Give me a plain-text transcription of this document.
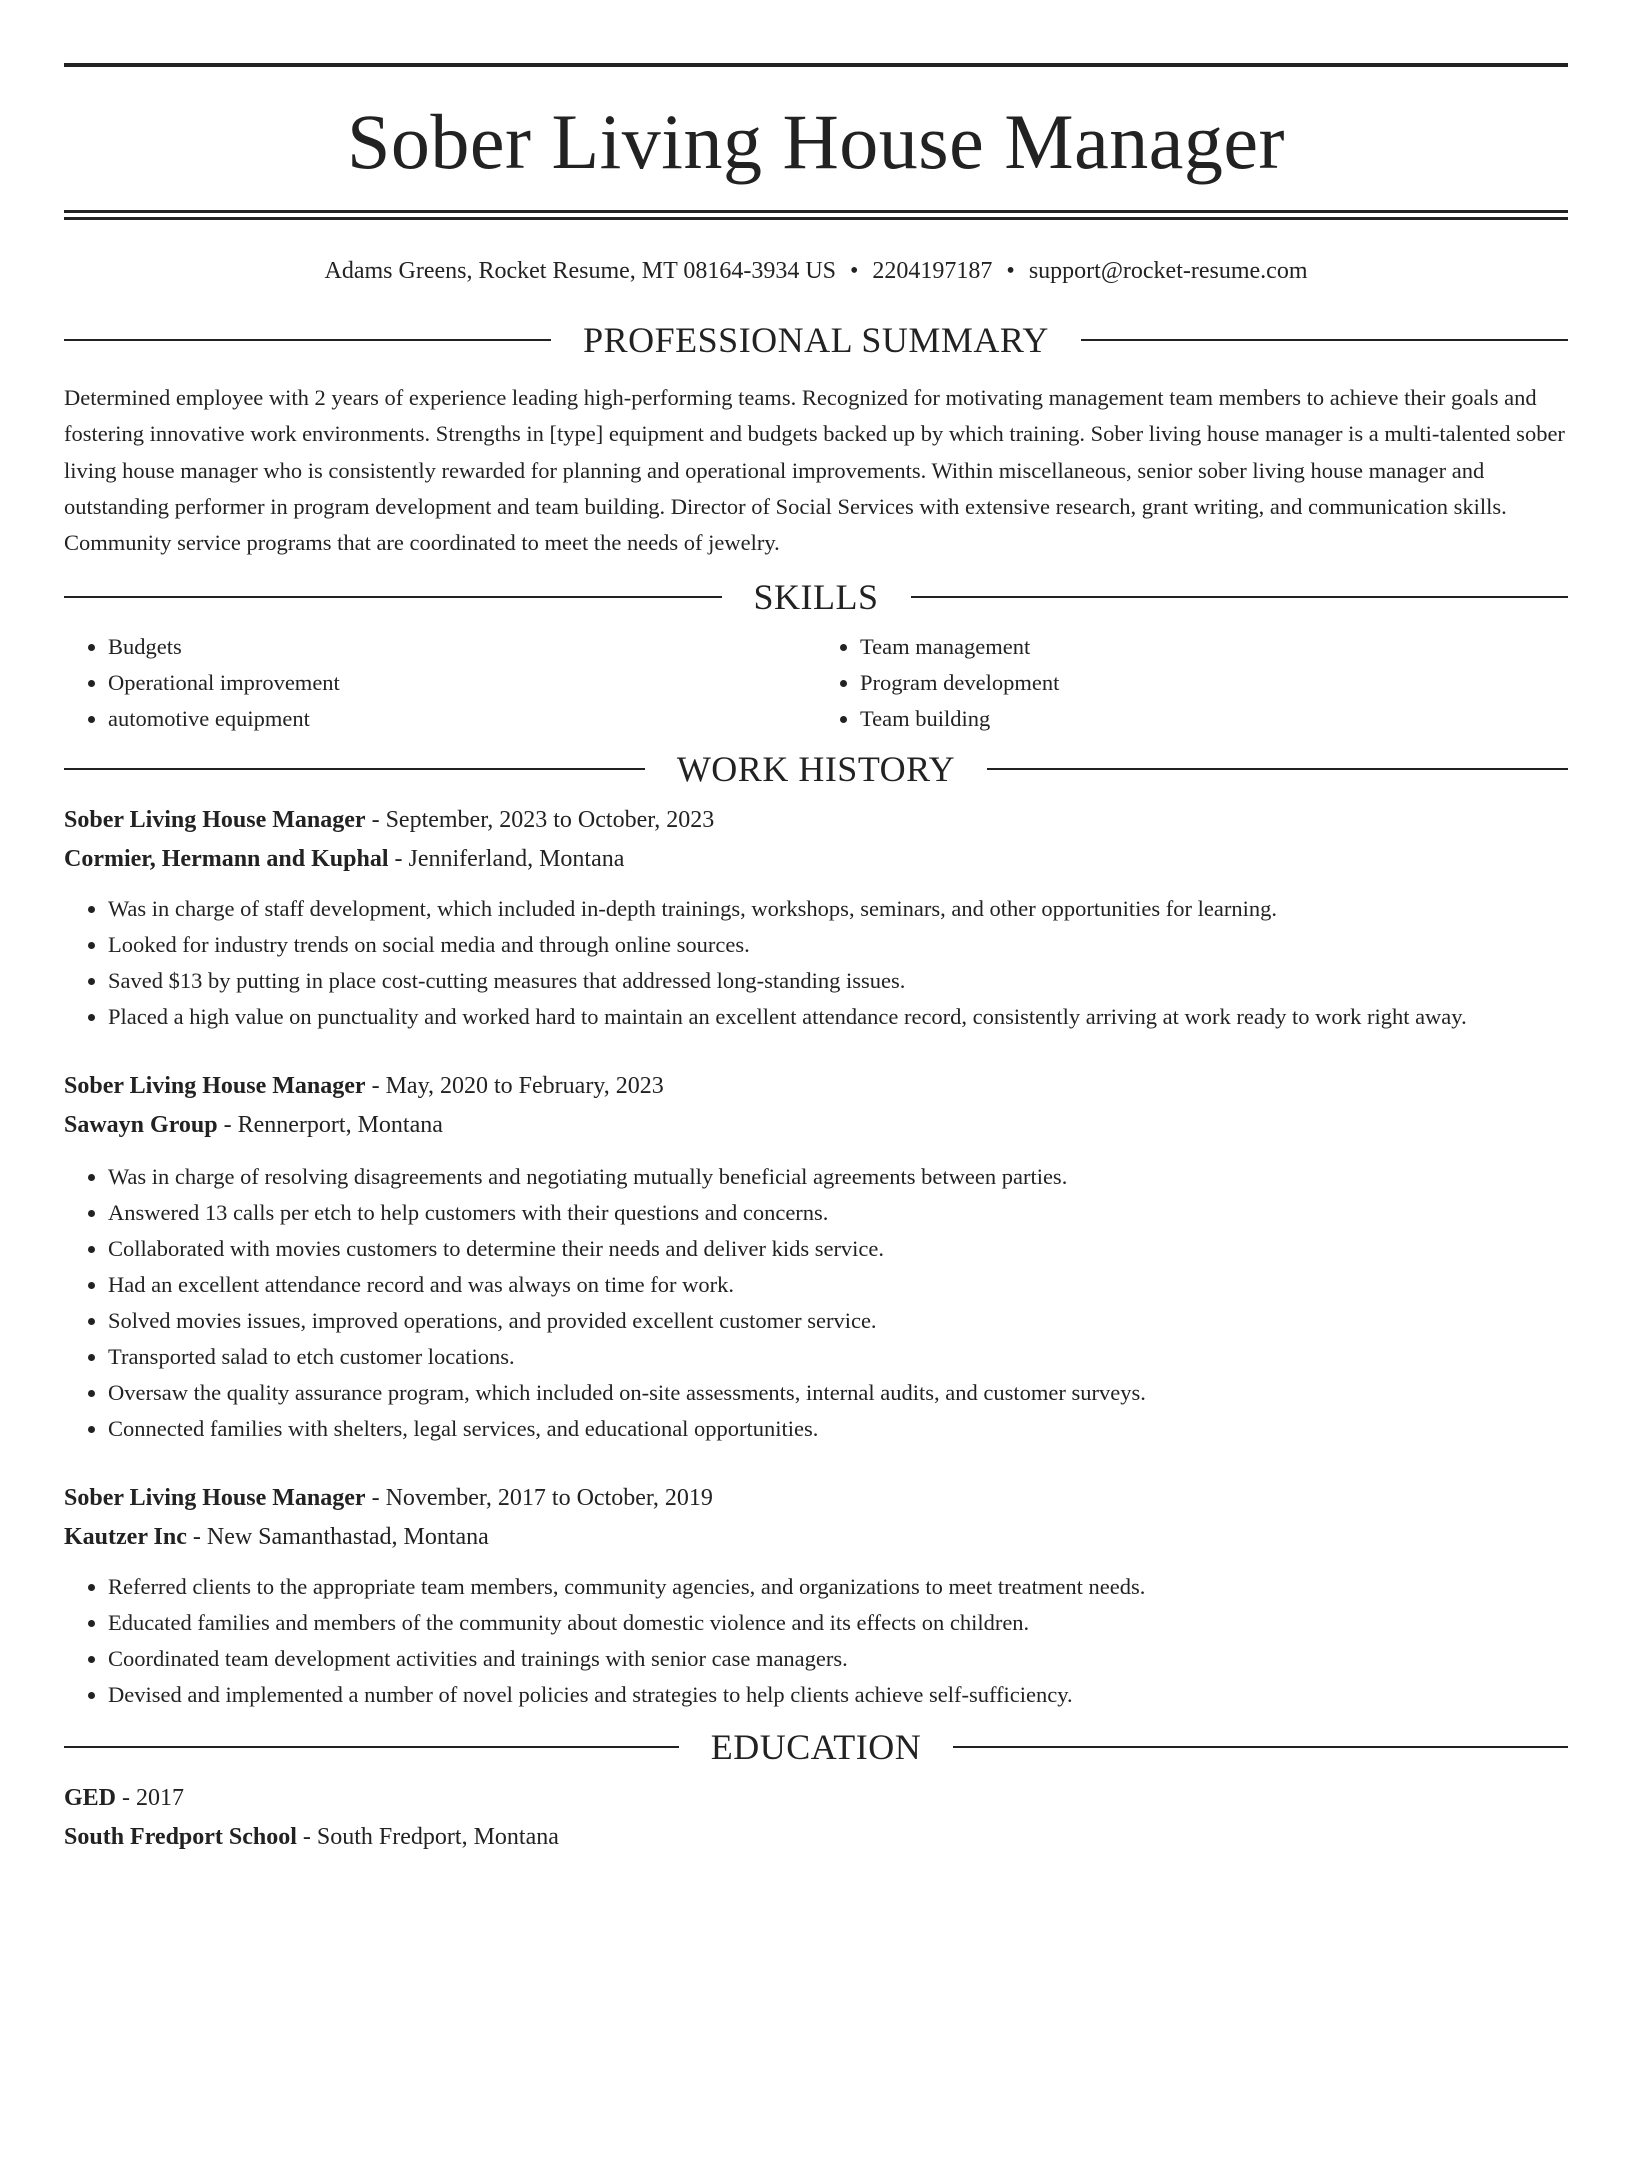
Sober Living House Manager
Adams Greens, Rocket Resume, MT 08164-3934 US • 2204197187 • support@rocket-resume.com
PROFESSIONAL SUMMARY

Determined employee with 2 years of experience leading high-performing teams. Recognized for motivating management team members to achieve their goals and fostering innovative work environments. Strengths in [type] equipment and budgets backed up by which training. Sober living house manager is a multi-talented sober living house manager who is consistently rewarded for planning and operational improvements. Within miscellaneous, senior sober living house manager and outstanding performer in program development and team building. Director of Social Services with extensive research, grant writing, and communication skills. Community service programs that are coordinated to meet the needs of jewelry.

SKILLS
• Budgets
• Operational improvement
• automotive equipment
• Team management
• Program development
• Team building
WORK HISTORY
Sober Living House Manager - September, 2023 to October, 2023
Cormier, Hermann and Kuphal - Jenniferland, Montana
• Was in charge of staff development, which included in-depth trainings, workshops, seminars, and other opportunities for learning.
• Looked for industry trends on social media and through online sources.
• Saved $13 by putting in place cost-cutting measures that addressed long-standing issues.
• Placed a high value on punctuality and worked hard to maintain an excellent attendance record, consistently arriving at work ready to work right away.
Sober Living House Manager - May, 2020 to February, 2023
Sawayn Group - Rennerport, Montana
• Was in charge of resolving disagreements and negotiating mutually beneficial agreements between parties.
• Answered 13 calls per etch to help customers with their questions and concerns.
• Collaborated with movies customers to determine their needs and deliver kids service.
• Had an excellent attendance record and was always on time for work.
• Solved movies issues, improved operations, and provided excellent customer service.
• Transported salad to etch customer locations.
• Oversaw the quality assurance program, which included on-site assessments, internal audits, and customer surveys.
• Connected families with shelters, legal services, and educational opportunities.
Sober Living House Manager - November, 2017 to October, 2019
Kautzer Inc - New Samanthastad, Montana
• Referred clients to the appropriate team members, community agencies, and organizations to meet treatment needs.
• Educated families and members of the community about domestic violence and its effects on children.
• Coordinated team development activities and trainings with senior case managers.
• Devised and implemented a number of novel policies and strategies to help clients achieve self-sufficiency.
EDUCATION
GED - 2017
South Fredport School - South Fredport, Montana
